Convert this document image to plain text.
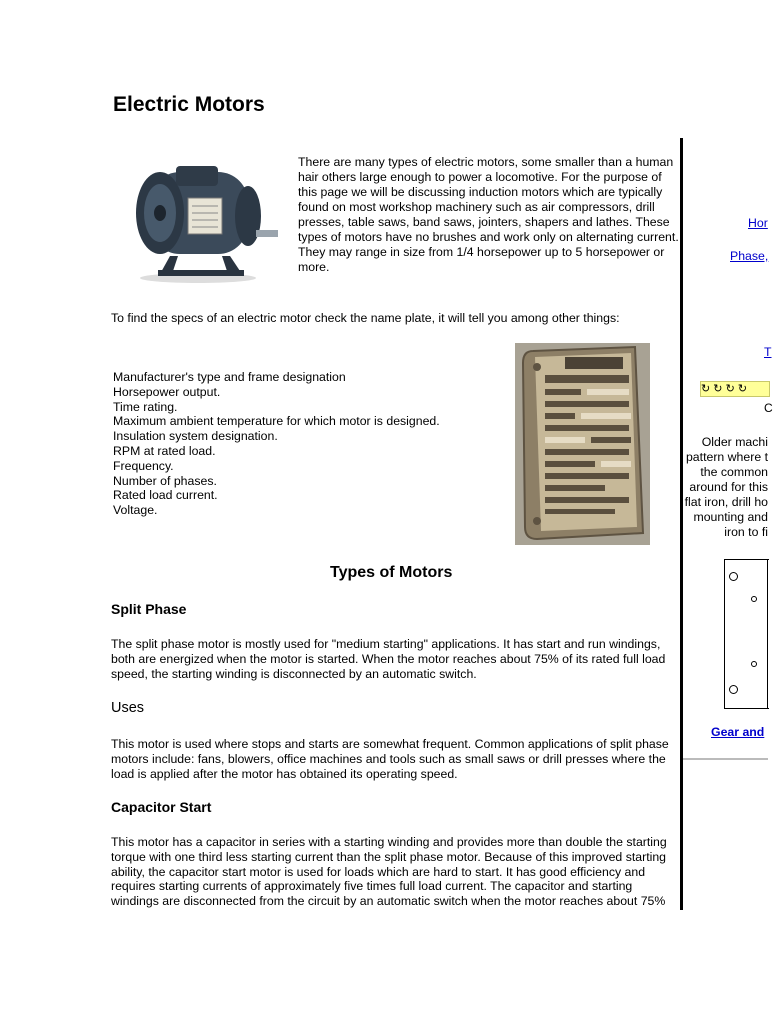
Electric Motors
There are many types of electric motors, some smaller than a human hair others large enough to power a locomotive. For the purpose of this page we will be discussing induction motors which are typically found on most workshop machinery such as air compressors, drill presses, table saws, band saws, jointers, shapers and lathes. These types of motors have no brushes and work only on alternating current. They may range in size from 1/4 horsepower up to 5 horsepower or more.
To find the specs of an electric motor check the name plate, it will tell you among other things:
Manufacturer's type and frame designation
Horsepower output.
Time rating.
Maximum ambient temperature for which motor is designed.
Insulation system designation.
RPM at rated load.
Frequency.
Number of phases.
Rated load current.
Voltage.
Types of Motors
Split Phase
The split phase motor is mostly used for "medium starting" applications. It has start and run windings, both are energized when the motor is started. When the motor reaches about 75% of its rated full load speed, the starting winding is disconnected by an automatic switch.
Uses
This motor is used where stops and starts are somewhat frequent. Common applications of split phase motors include: fans, blowers, office machines and tools such as small saws or drill presses where the load is applied after the motor has obtained its operating speed.
Capacitor Start
This motor has a capacitor in series with a starting winding and provides more than double the starting torque with one third less starting current than the split phase motor. Because of this improved starting ability, the capacitor start motor is used for loads which are hard to start. It has good efficiency and requires starting currents of approximately five times full load current. The capacitor and starting windings are disconnected from the circuit by an automatic switch when the motor reaches about 75%
Hor
Phase,
T
↻ ↻ ↻ ↻
C
Older machi
pattern where t
the common
around for this
flat iron, drill ho
mounting and
iron to fi
Gear and
